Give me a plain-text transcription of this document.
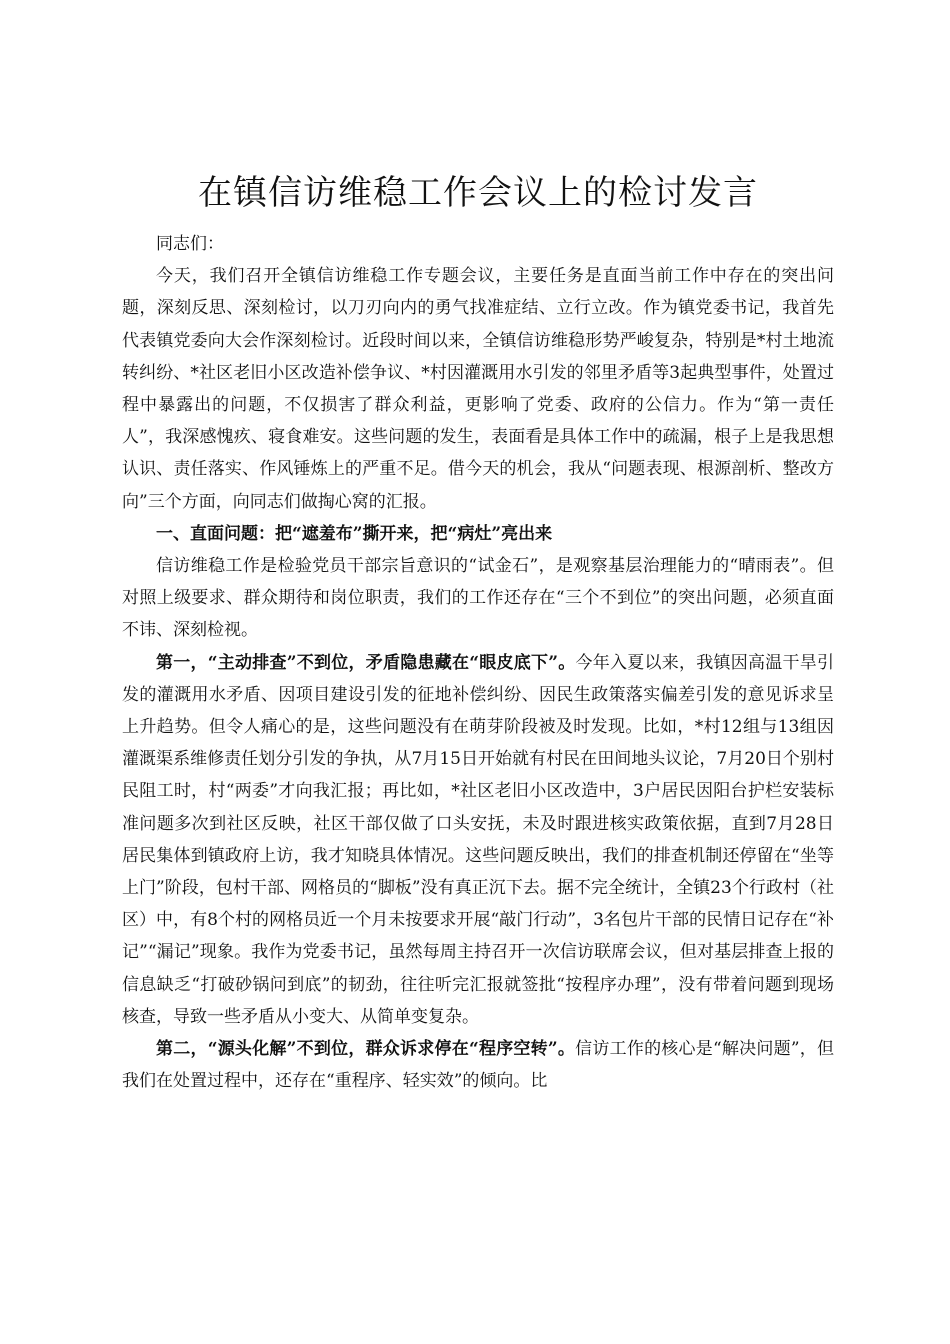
在镇信访维稳工作会议上的检讨发言

同志们：

今天，我们召开全镇信访维稳工作专题会议，主要任务是直面当前工作中存在的突出问题，深刻反思、深刻检讨，以刀刃向内的勇气找准症结、立行立改。作为镇党委书记，我首先代表镇党委向大会作深刻检讨。近段时间以来，全镇信访维稳形势严峻复杂，特别是*村土地流转纠纷、*社区老旧小区改造补偿争议、*村因灌溉用水引发的邻里矛盾等3起典型事件，处置过程中暴露出的问题，不仅损害了群众利益，更影响了党委、政府的公信力。作为“第一责任人”，我深感愧疚、寝食难安。这些问题的发生，表面看是具体工作中的疏漏，根子上是我思想认识、责任落实、作风锤炼上的严重不足。借今天的机会，我从“问题表现、根源剖析、整改方向”三个方面，向同志们做掏心窝的汇报。

一、直面问题：把“遮羞布”撕开来，把“病灶”亮出来

信访维稳工作是检验党员干部宗旨意识的“试金石”，是观察基层治理能力的“晴雨表”。但对照上级要求、群众期待和岗位职责，我们的工作还存在“三个不到位”的突出问题，必须直面不讳、深刻检视。

第一，“主动排查”不到位，矛盾隐患藏在“眼皮底下”。今年入夏以来，我镇因高温干旱引发的灌溉用水矛盾、因项目建设引发的征地补偿纠纷、因民生政策落实偏差引发的意见诉求呈上升趋势。但令人痛心的是，这些问题没有在萌芽阶段被及时发现。比如，*村12组与13组因灌溉渠系维修责任划分引发的争执，从7月15日开始就有村民在田间地头议论，7月20日个别村民阻工时，村“两委”才向我汇报；再比如，*社区老旧小区改造中，3户居民因阳台护栏安装标准问题多次到社区反映，社区干部仅做了口头安抚，未及时跟进核实政策依据，直到7月28日居民集体到镇政府上访，我才知晓具体情况。这些问题反映出，我们的排查机制还停留在“坐等上门”阶段，包村干部、网格员的“脚板”没有真正沉下去。据不完全统计，全镇23个行政村（社区）中，有8个村的网格员近一个月未按要求开展“敲门行动”，3名包片干部的民情日记存在“补记”“漏记”现象。我作为党委书记，虽然每周主持召开一次信访联席会议，但对基层排查上报的信息缺乏“打破砂锅问到底”的韧劲，往往听完汇报就签批“按程序办理”，没有带着问题到现场核查，导致一些矛盾从小变大、从简单变复杂。

第二，“源头化解”不到位，群众诉求停在“程序空转”。信访工作的核心是“解决问题”，但我们在处置过程中，还存在“重程序、轻实效”的倾向。比
